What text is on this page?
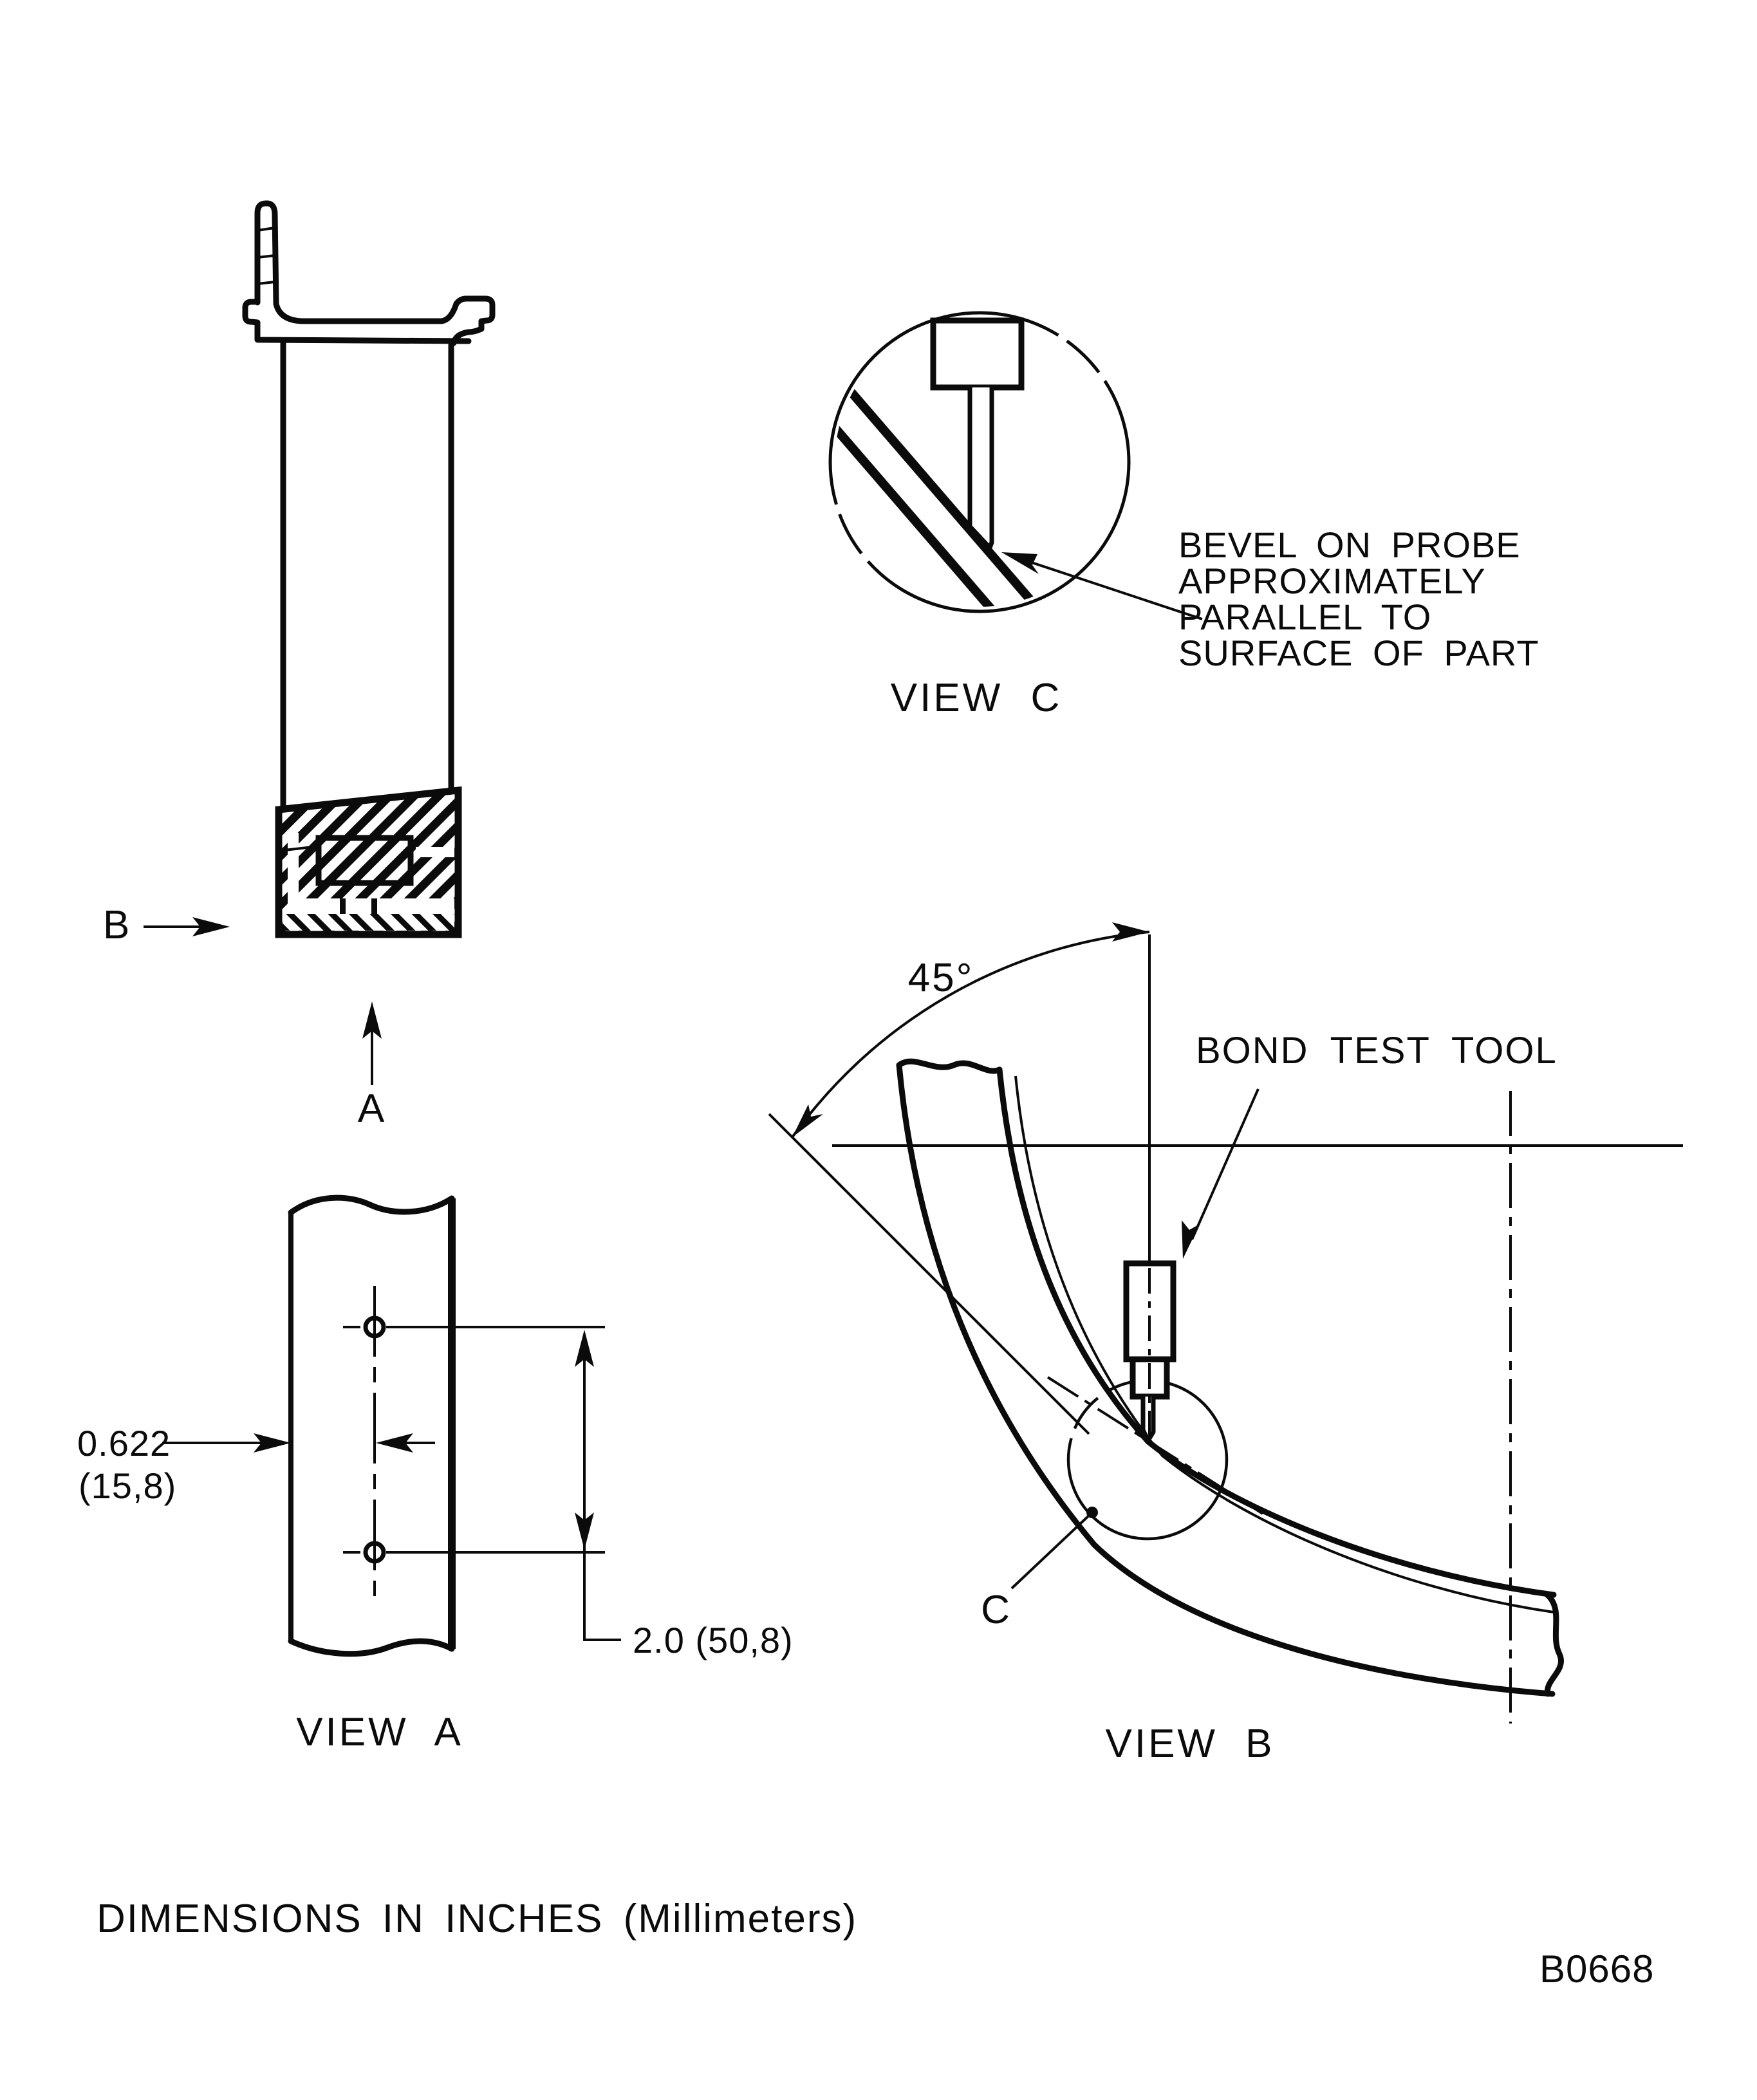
B
A
BEVEL ON PROBE
APPROXIMATELY
PARALLEL TO
SURFACE OF PART
VIEW C
2.0 (50,8)
0.622
(15,8)
VIEW A
45°
BOND TEST TOOL
C
VIEW B
DIMENSIONS IN INCHES (Millimeters)
B0668
